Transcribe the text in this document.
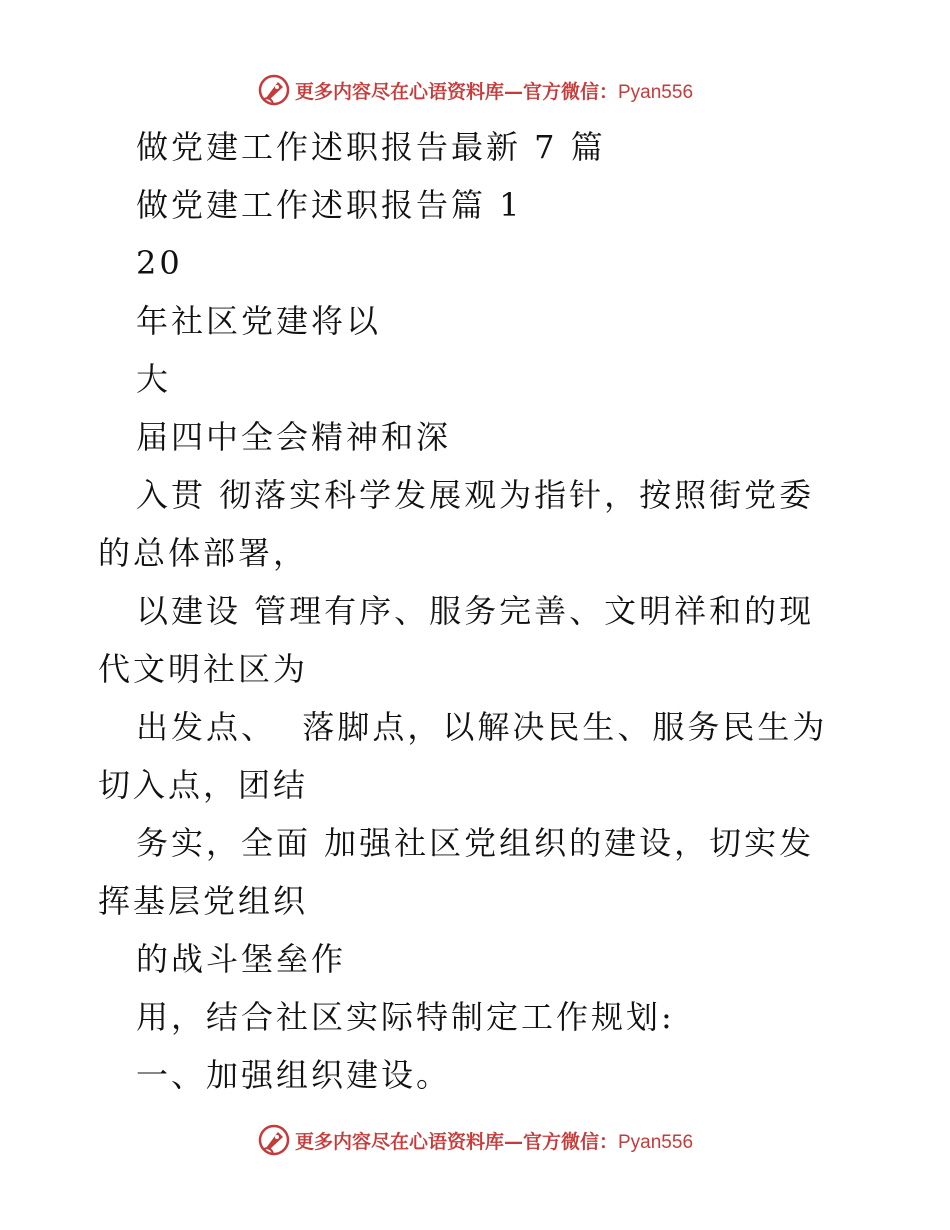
更多内容尽在心语资料库—官方微信：Pyan556

做党建工作述职报告最新 7 篇

做党建工作述职报告篇 1

20

年社区党建将以

大

届四中全会精神和深

入贯 彻落实科学发展观为指针，按照街党委的总体部署，

以建设 管理有序、服务完善、文明祥和的现代文明社区为

出发点、  落脚点，以解决民生、服务民生为切入点，团结

务实，全面 加强社区党组织的建设，切实发挥基层党组织

的战斗堡垒作

用，结合社区实际特制定工作规划:

一、加强组织建设。

更多内容尽在心语资料库—官方微信：Pyan556
